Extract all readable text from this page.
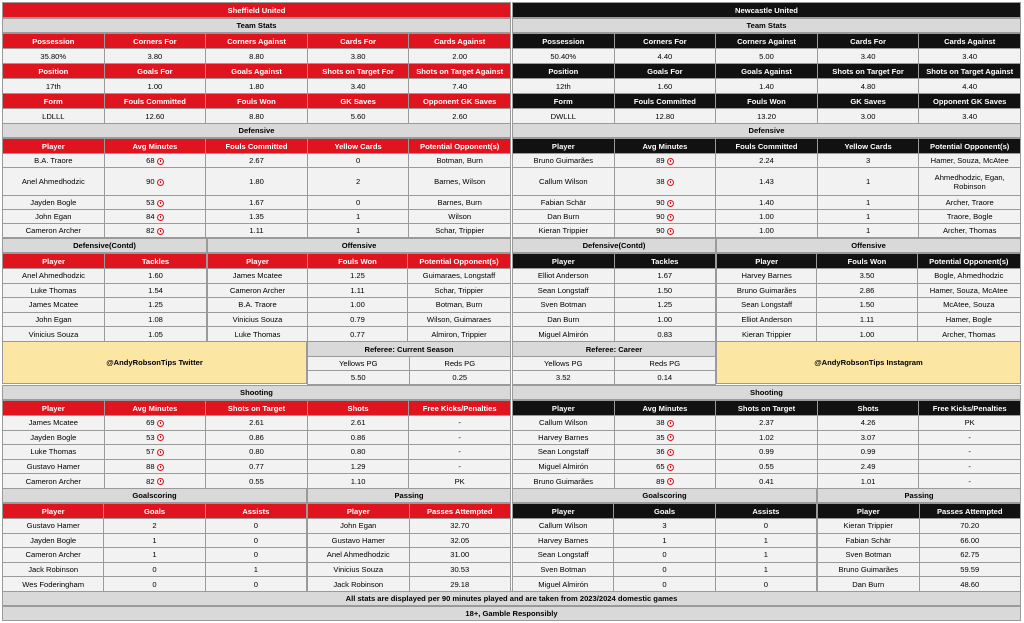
Sheffield United	Newcastle United
Team Stats	Team Stats
Possession	Corners For	Corners Against	Cards For	Cards Against
35.80%	3.80	8.80	3.80	2.00
Position	Goals For	Goals Against	Shots on Target For	Shots on Target Against
17th	1.00	1.80	3.40	7.40
Form	Fouls Committed	Fouls Won	GK Saves	Opponent GK Saves
LDLLL	12.60	8.80	5.60	2.60
Possession	Corners For	Corners Against	Cards For	Cards Against
50.40%	4.40	5.00	3.40	3.40
Position	Goals For	Goals Against	Shots on Target For	Shots on Target Against
12th	1.60	1.40	4.80	4.40
Form	Fouls Committed	Fouls Won	GK Saves	Opponent GK Saves
DWLLL	12.80	13.20	3.00	3.40
Defensive	Defensive
Player	Avg Minutes	Fouls Committed	Yellow Cards	Potential Opponent(s)
B.A. Traore	68	2.67	0	Botman, Burn
Anel Ahmedhodzic	90	1.80	2	Barnes, Wilson
Jayden Bogle	53	1.67	0	Barnes, Burn
John Egan	84	1.35	1	Wilson
Cameron Archer	82	1.11	1	Schar, Trippier
Player	Avg Minutes	Fouls Committed	Yellow Cards	Potential Opponent(s)
Bruno Guimarães	89	2.24	3	Hamer, Souza, McAtee
Callum Wilson	38	1.43	1	Ahmedhodzic, Egan, Robinson
Fabian Schär	90	1.40	1	Archer, Traore
Dan Burn	90	1.00	1	Traore, Bogle
Kieran Trippier	90	1.00	1	Archer, Thomas
Defensive(Contd)	Offensive	Defensive(Contd)	Offensive
Player	Tackles
Anel Ahmedhodzic	1.60
Luke Thomas	1.54
James Mcatee	1.25
John Egan	1.08
Vinicius Souza	1.05
Player	Fouls Won	Potential Opponent(s)
James Mcatee	1.25	Guimaraes, Longstaff
Cameron Archer	1.11	Schar, Trippier
B.A. Traore	1.00	Botman, Burn
Vinicius Souza	0.79	Wilson, Guimaraes
Luke Thomas	0.77	Almiron, Trippier
Player	Tackles
Elliot Anderson	1.67
Sean Longstaff	1.50
Sven Botman	1.25
Dan Burn	1.00
Miguel Almirón	0.83
Player	Fouls Won	Potential Opponent(s)
Harvey Barnes	3.50	Bogle, Ahmedhodzic
Bruno Guimarães	2.86	Hamer, Souza, McAtee
Sean Longstaff	1.50	McAtee, Souza
Elliot Anderson	1.11	Hamer, Bogle
Kieran Trippier	1.00	Archer, Thomas
@AndyRobsonTips Twitter
Referee: Current Season	
Yellows PG	Reds PG
5.50	0.25
Referee: Career	
Yellows PG	Reds PG
3.52	0.14
@AndyRobsonTips Instagram
Shooting	Shooting
Player	Avg Minutes	Shots on Target	Shots	Free Kicks/Penalties
James Mcatee	69	2.61	2.61	-
Jayden Bogle	53	0.86	0.86	-
Luke Thomas	57	0.80	0.80	-
Gustavo Hamer	88	0.77	1.29	-
Cameron Archer	82	0.55	1.10	PK
Player	Avg Minutes	Shots on Target	Shots	Free Kicks/Penalties
Callum Wilson	38	2.37	4.26	PK
Harvey Barnes	35	1.02	3.07	-
Sean Longstaff	36	0.99	0.99	-
Miguel Almirón	65	0.55	2.49	-
Bruno Guimarães	89	0.41	1.01	-
Goalscoring	Passing	Goalscoring	Passing
Player	Goals	Assists
Gustavo Hamer	2	0
Jayden Bogle	1	0
Cameron Archer	1	0
Jack Robinson	0	1
Wes Foderingham	0	0
Player	Passes Attempted
John Egan	32.70
Gustavo Hamer	32.05
Anel Ahmedhodzic	31.00
Vinicius Souza	30.53
Jack Robinson	29.18
Player	Goals	Assists
Callum Wilson	3	0
Harvey Barnes	1	1
Sean Longstaff	0	1
Sven Botman	0	1
Miguel Almirón	0	0
Player	Passes Attempted
Kieran Trippier	70.20
Fabian Schär	66.00
Sven Botman	62.75
Bruno Guimarães	59.59
Dan Burn	48.60
All stats are displayed per 90 minutes played and are taken from 2023/2024 domestic games
18+, Gamble Responsibly
